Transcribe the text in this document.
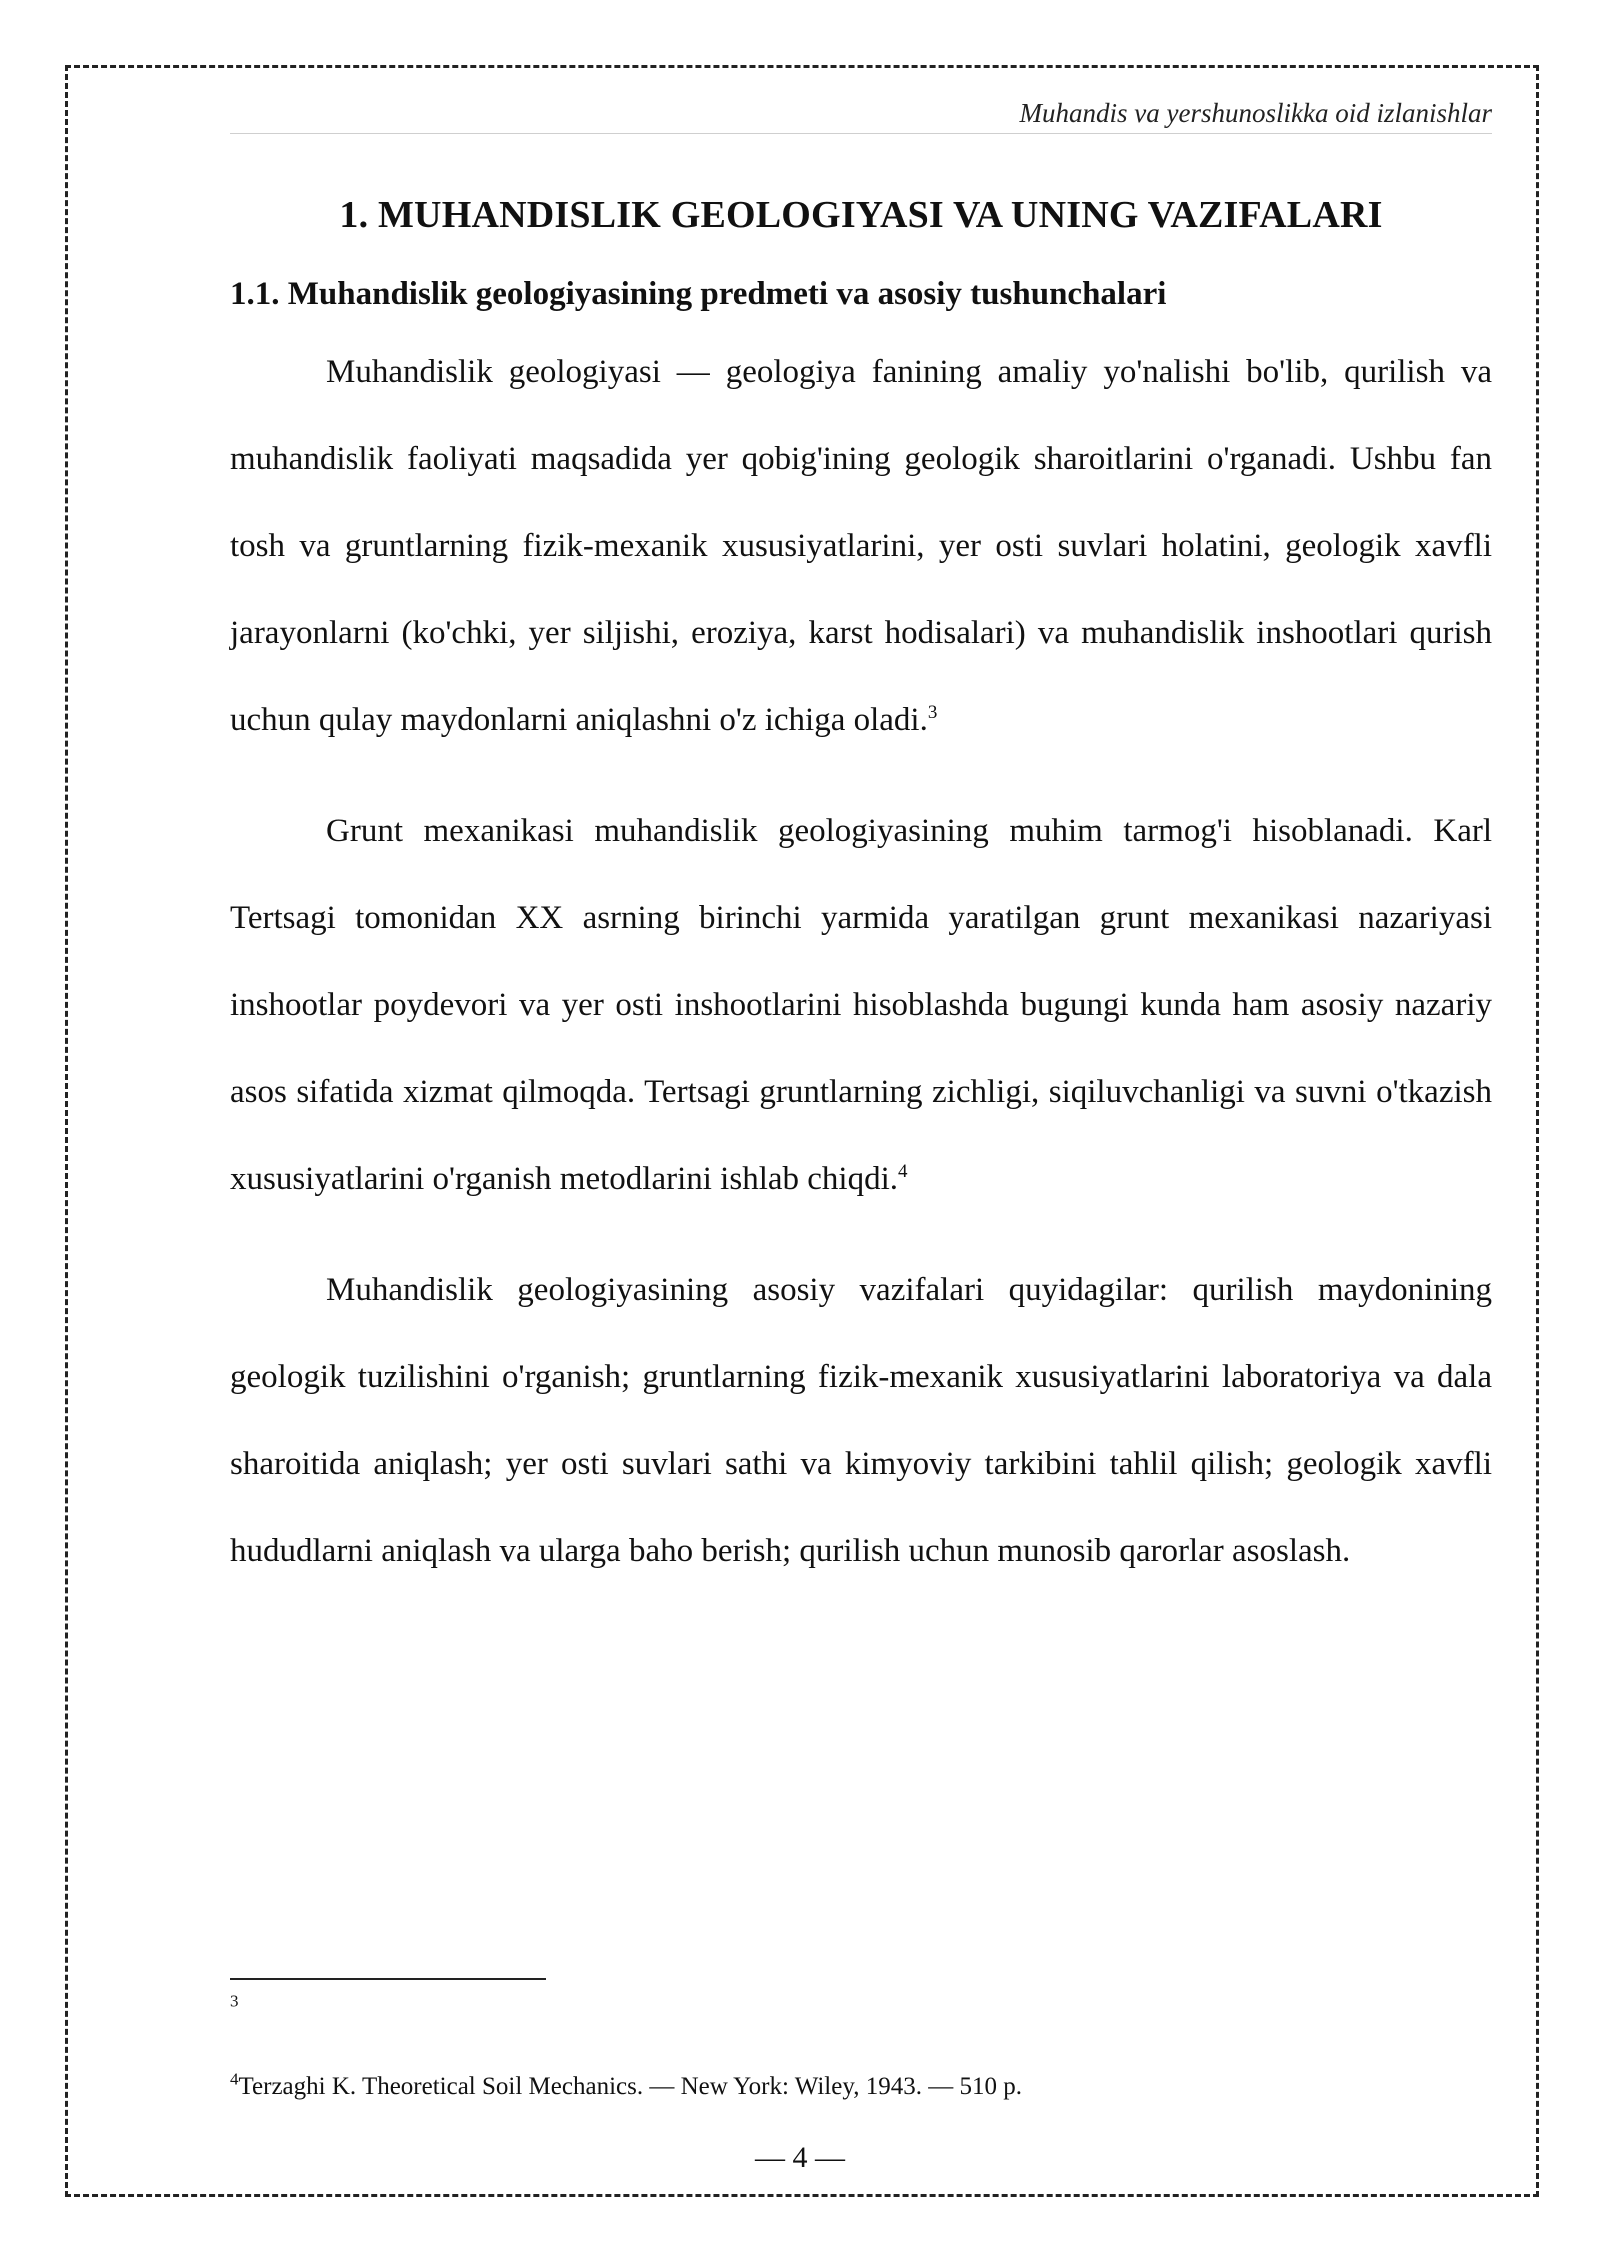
Muhandis va yershunoslikka oid izlanishlar
1. MUHANDISLIK GEOLOGIYASI VA UNING VAZIFALARI
1.1. Muhandislik geologiyasining predmeti va asosiy tushunchalari

Muhandislik geologiyasi — geologiya fanining amaliy yo'nalishi bo'lib, qurilish va muhandislik faoliyati maqsadida yer qobig'ining geologik sharoitlarini o'rganadi. Ushbu fan tosh va gruntlarning fizik-mexanik xususiyatlarini, yer osti suvlari holatini, geologik xavfli jarayonlarni (ko'chki, yer siljishi, eroziya, karst hodisalari) va muhandislik inshootlari qurish uchun qulay maydonlarni aniqlashni o'z ichiga oladi.$^3$

Grunt mexanikasi muhandislik geologiyasining muhim tarmog'i hisoblanadi. Karl Tertsagi tomonidan XX asrning birinchi yarmida yaratilgan grunt mexanikasi nazariyasi inshootlar poydevori va yer osti inshootlarini hisoblashda bugungi kunda ham asosiy nazariy asos sifatida xizmat qilmoqda. Tertsagi gruntlarning zichligi, siqiluvchanligi va suvni o'tkazish xususiyatlarini o'rganish metodlarini ishlab chiqdi.$^4$

Muhandislik geologiyasining asosiy vazifalari quyidagilar: qurilish maydonining geologik tuzilishini o'rganish; gruntlarning fizik-mexanik xususiyatlarini laboratoriya va dala sharoitida aniqlash; yer osti suvlari sathi va kimyoviy tarkibini tahlil qilish; geologik xavfli hududlarni aniqlash va ularga baho berish; qurilish uchun munosib qarorlar asoslash.

$^3$
$^4$Terzaghi K. Theoretical Soil Mechanics. — New York: Wiley, 1943. — 510 p.
— 4 —
